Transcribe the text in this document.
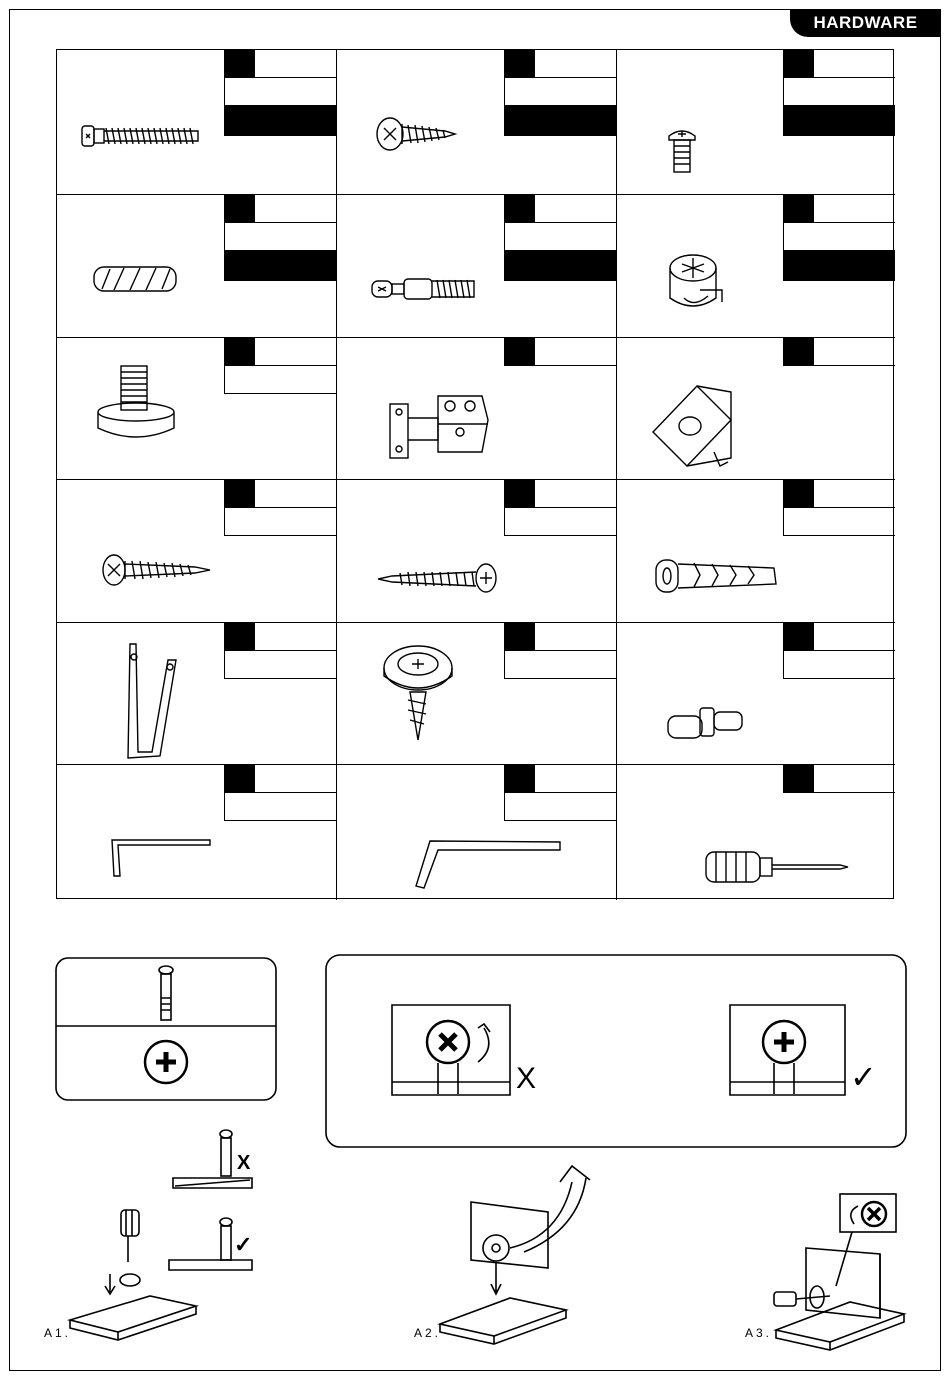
HARDWARE
A1.	A2.	A3.
X	✓
X
✓
